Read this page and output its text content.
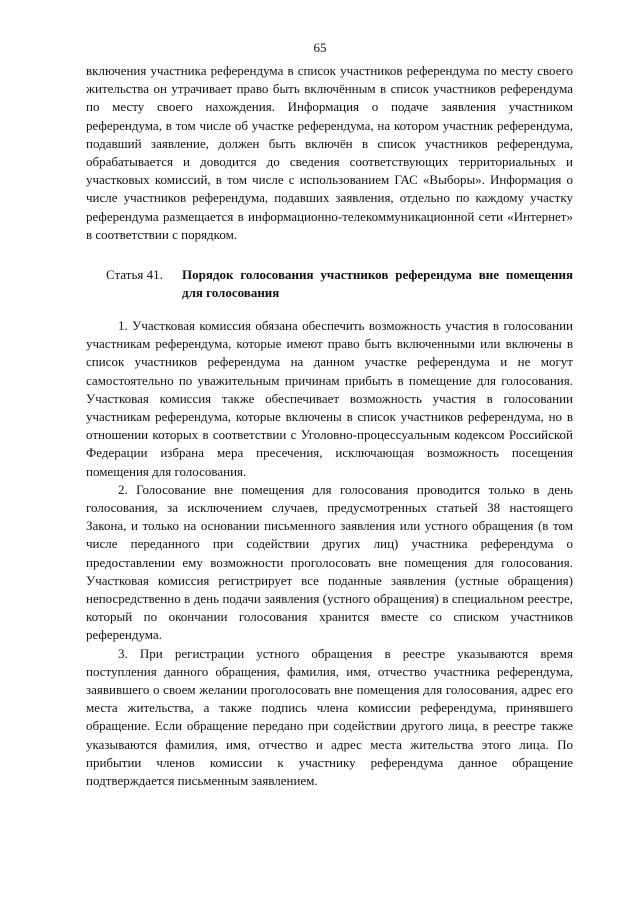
65

включения участника референдума в список участников референдума по месту своего жительства он утрачивает право быть включённым в список участников референдума по месту своего нахождения. Информация о подаче заявления участником референдума, в том числе об участке референдума, на котором участник референдума, подавший заявление, должен быть включён в список участников референдума, обрабатывается и доводится до сведения соответствующих территориальных и участковых комиссий, в том числе с использованием ГАС «Выборы». Информация о числе участников референдума, подавших заявления, отдельно по каждому участку референдума размещается в информационно-телекоммуникационной сети «Интернет» в соответствии с порядком.

Статья 41.	Порядок голосования участников референдума вне помещения для голосования

1. Участковая комиссия обязана обеспечить возможность участия в голосовании участникам референдума, которые имеют право быть включенными или включены в список участников референдума на данном участке референдума и не могут самостоятельно по уважительным причинам прибыть в помещение для голосования. Участковая комиссия также обеспечивает возможность участия в голосовании участникам референдума, которые включены в список участников референдума, но в отношении которых в соответствии с Уголовно-процессуальным кодексом Российской Федерации избрана мера пресечения, исключающая возможность посещения помещения для голосования.

2. Голосование вне помещения для голосования проводится только в день голосования, за исключением случаев, предусмотренных статьей 38 настоящего Закона, и только на основании письменного заявления или устного обращения (в том числе переданного при содействии других лиц) участника референдума о предоставлении ему возможности проголосовать вне помещения для голосования. Участковая комиссия регистрирует все поданные заявления (устные обращения) непосредственно в день подачи заявления (устного обращения) в специальном реестре, который по окончании голосования хранится вместе со списком участников референдума.

3. При регистрации устного обращения в реестре указываются время поступления данного обращения, фамилия, имя, отчество участника референдума, заявившего о своем желании проголосовать вне помещения для голосования, адрес его места жительства, а также подпись члена комиссии референдума, принявшего обращение. Если обращение передано при содействии другого лица, в реестре также указываются фамилия, имя, отчество и адрес места жительства этого лица. По прибытии членов комиссии к участнику референдума данное обращение подтверждается письменным заявлением.
